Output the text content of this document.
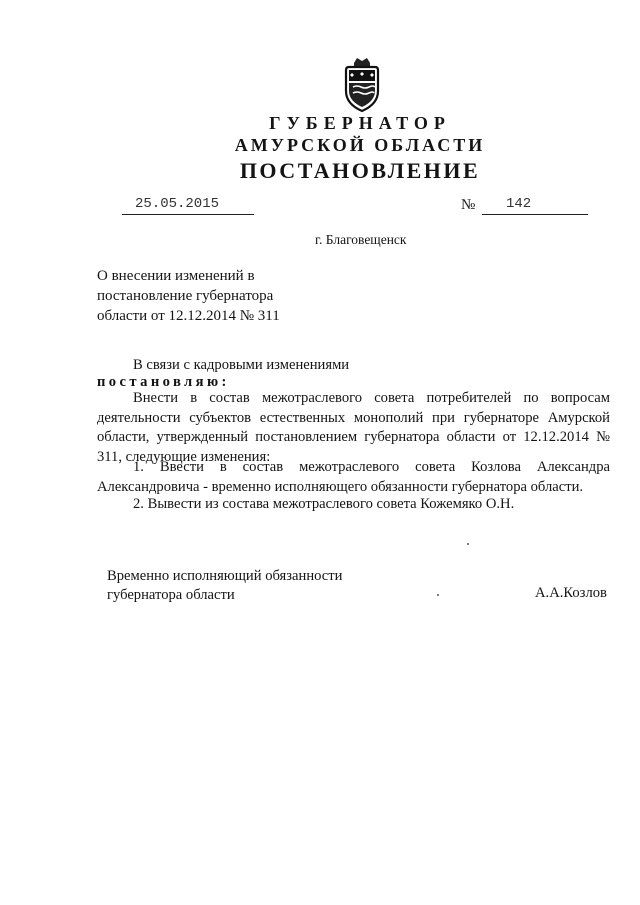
ГУБЕРНАТОР
АМУРСКОЙ ОБЛАСТИ
ПОСТАНОВЛЕНИЕ
25.05.2015	№ 142
г. Благовещенск
О внесении изменений в
постановление губернатора
области от 12.12.2014 № 311
В связи с кадровыми изменениями
постановляю:
Внести в состав межотраслевого совета потребителей по вопросам деятельности субъектов естественных монополий при губернаторе Амурской области, утвержденный постановлением губернатора области от 12.12.2014 № 311, следующие изменения:
1. Ввести в состав межотраслевого совета Козлова Александра Александровича - временно исполняющего обязанности губернатора области.
2. Вывести из состава межотраслевого совета Кожемяко О.Н.
Временно исполняющий обязанности
губернатора области	А.А.Козлов
